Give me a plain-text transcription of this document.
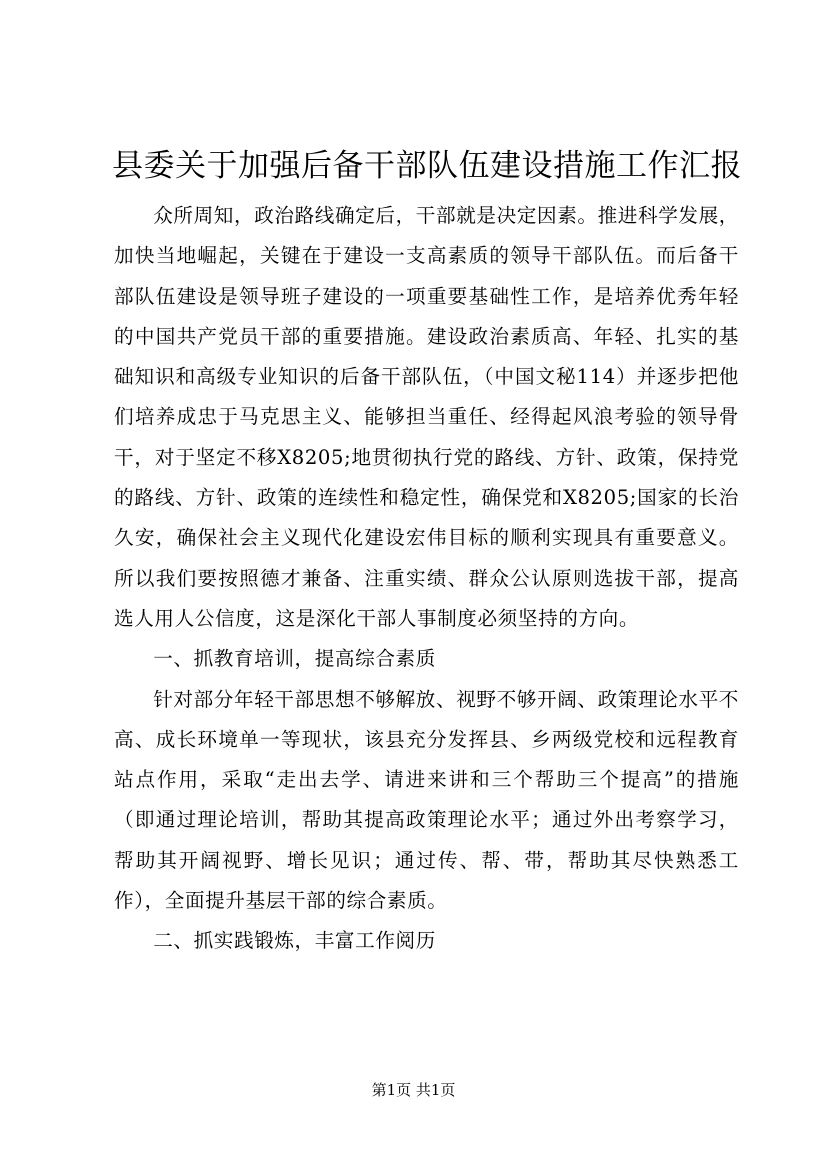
县委关于加强后备干部队伍建设措施工作汇报

众所周知，政治路线确定后，干部就是决定因素。推进科学发展，加快当地崛起，关键在于建设一支高素质的领导干部队伍。而后备干部队伍建设是领导班子建设的一项重要基础性工作，是培养优秀年轻的中国共产党员干部的重要措施。建设政治素质高、年轻、扎实的基础知识和高级专业知识的后备干部队伍，（中国文秘114）并逐步把他们培养成忠于马克思主义、能够担当重任、经得起风浪考验的领导骨干，对于坚定不移X8205;地贯彻执行党的路线、方针、政策，保持党的路线、方针、政策的连续性和稳定性，确保党和X8205;国家的长治久安，确保社会主义现代化建设宏伟目标的顺利实现具有重要意义。所以我们要按照德才兼备、注重实绩、群众公认原则选拔干部，提高选人用人公信度，这是深化干部人事制度必须坚持的方向。

一、抓教育培训，提高综合素质

针对部分年轻干部思想不够解放、视野不够开阔、政策理论水平不高、成长环境单一等现状，该县充分发挥县、乡两级党校和远程教育站点作用，采取“走出去学、请进来讲和三个帮助三个提高”的措施（即通过理论培训，帮助其提高政策理论水平；通过外出考察学习，帮助其开阔视野、增长见识；通过传、帮、带，帮助其尽快熟悉工作），全面提升基层干部的综合素质。

二、抓实践锻炼，丰富工作阅历

第1页 共1页
